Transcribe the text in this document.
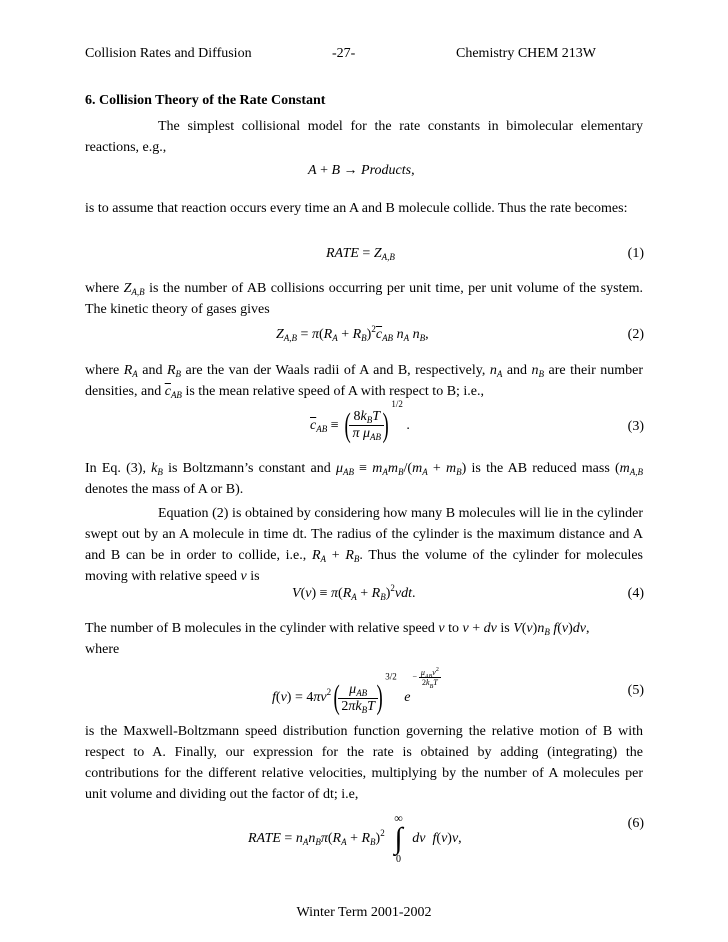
Collision Rates and Diffusion	-27-	Chemistry CHEM 213W
6. Collision Theory of the Rate Constant
The simplest collisional model for the rate constants in bimolecular elementary reactions, e.g.,
A + B → Products,
is to assume that reaction occurs every time an A and B molecule collide. Thus the rate becomes:
RATE = $Z_{A,B}$	(1)
where $Z_{A,B}$ is the number of AB collisions occurring per unit time, per unit volume of the system. The kinetic theory of gases gives
$Z_{A,B} = \pi(R_A + R_B)^2\overline{c}_{AB}$ $n_A$ $n_B$,	(2)
where $R_A$ and $R_B$ are the van der Waals radii of A and B, respectively, $n_A$ and $n_B$ are their number densities, and $\overline{c}_{AB}$ is the mean relative speed of A with respect to B; i.e.,
$\overline{c}_{AB}$ ≡ (
$\frac{8k_BT}{\pi \mu_{AB}}$
)$^{1/2}$ .	(3)
In Eq. (3), $k_B$ is Boltzmann’s constant and $\mu_{AB} \equiv m_Am_B/(m_A + m_B)$ is the AB reduced mass ($m_{A,B}$ denotes the mass of A or B).
Equation (2) is obtained by considering how many B molecules will lie in the cylinder swept out by an A molecule in time dt. The radius of the cylinder is the maximum distance and A and B can be in order to collide, i.e., $R_A + R_B$. Thus the volume of the cylinder for molecules moving with relative speed v is
$V(v) \equiv \pi(R_A + R_B)^2vdt$.	(4)
The number of B molecules in the cylinder with relative speed v to v + dv is $V(v)n_B$ f(v)dv,
where
$f(v) = 4\pi v^2$(
$\frac{\mu_{AB}}{2\pi k_BT}$
)$^{3/2}$ $e- \frac{\mu_{AB}v^2}{2k_BT}$
(5)
is the Maxwell-Boltzmann speed distribution function governing the relative motion of B with respect to A. Finally, our expression for the rate is obtained by adding (integrating) the contributions for the different relative velocities, multiplying by the number of A molecules per unit volume and dividing out the factor of dt; i.e,
RATE = $n_An_B\pi(R_A + R_B)^2$
∞
∫
0
dv f(v)v,
(6)
Winter Term 2001-2002
